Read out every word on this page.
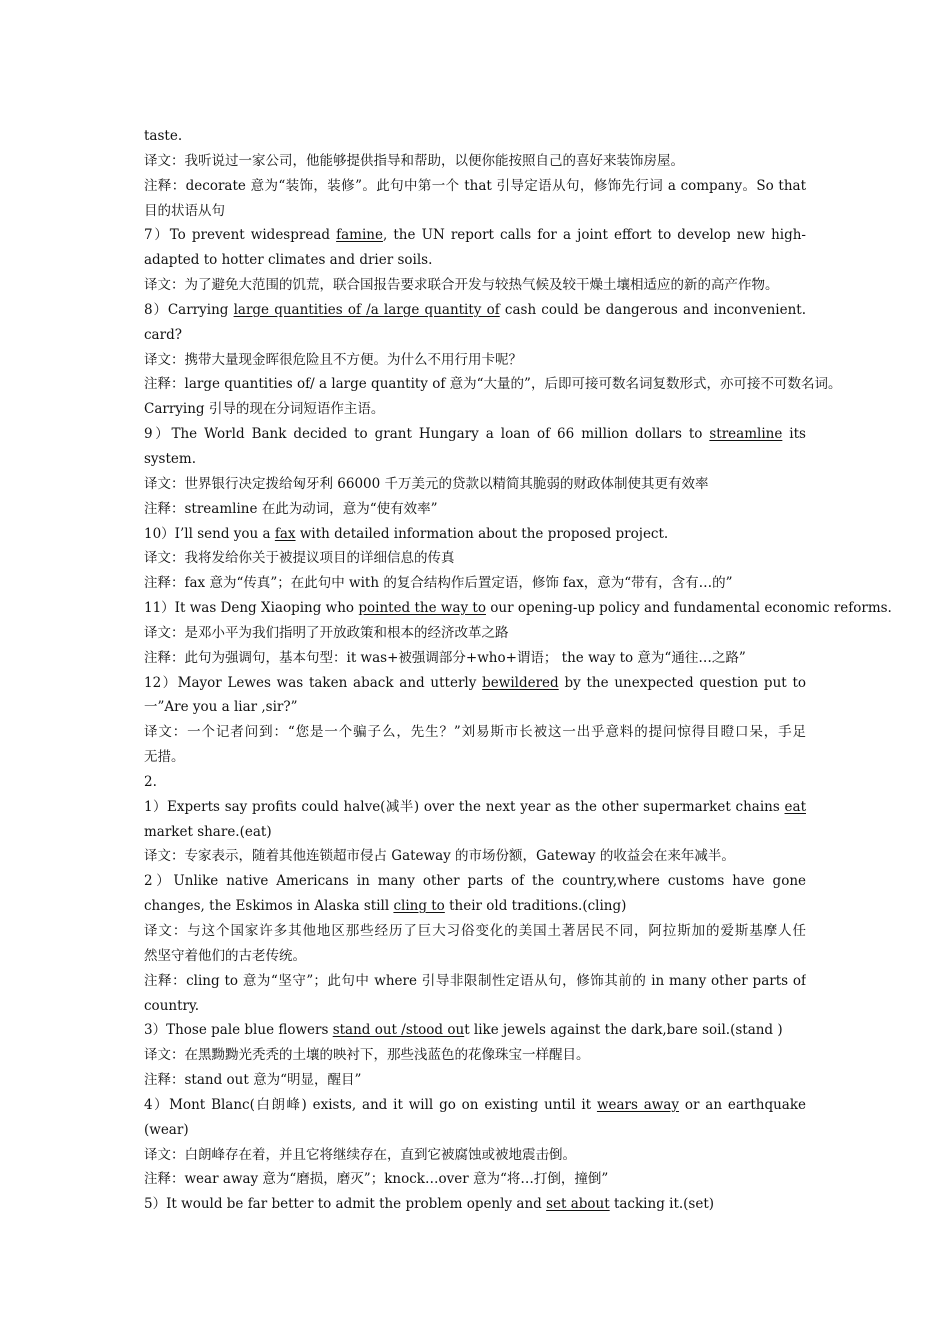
taste.
译文：我听说过一家公司，他能够提供指导和帮助，以便你能按照自己的喜好来装饰房屋。
注释：decorate 意为“装饰，装修”。此句中第一个 that 引导定语从句，修饰先行词 a company。So that
目的状语从句
7）To prevent widespread famine, the UN report calls for a joint effort to develop new high-
adapted to hotter climates and drier soils.
译文：为了避免大范围的饥荒，联合国报告要求联合开发与较热气候及较干燥土壤相适应的新的高产作物。
8）Carrying large quantities of /a large quantity of cash could be dangerous and inconvenient.
card?
译文：携带大量现金晖很危险且不方便。为什么不用行用卡呢？
注释：large quantities of/ a large quantity of 意为“大量的”，后即可接可数名词复数形式，亦可接不可数名词。
Carrying 引导的现在分词短语作主语。
9）The World Bank decided to grant Hungary a loan of 66 million dollars to streamline its
system.
译文：世界银行决定拨给匈牙利 66000 千万美元的贷款以精简其脆弱的财政体制使其更有效率
注释：streamline 在此为动词，意为“使有效率”
10）I’ll send you a fax with detailed information about the proposed project.
译文：我将发给你关于被提议项目的详细信息的传真
注释：fax 意为“传真”；在此句中 with 的复合结构作后置定语，修饰 fax，意为“带有，含有…的”
11）It was Deng Xiaoping who pointed the way to our opening-up policy and fundamental economic reforms.
译文：是邓小平为我们指明了开放政策和根本的经济改革之路
注释：此句为强调句，基本句型：it was+被强调部分+who+谓语； the way to 意为“通往…之路”
12）Mayor Lewes was taken aback and utterly bewildered by the unexpected question put to
一”Are you a liar ,sir?”
译文：一个记者问到：“您是一个骗子么，先生？”刘易斯市长被这一出乎意料的提问惊得目瞪口呆，手足
无措。
2.
1）Experts say profits could halve(减半) over the next year as the other supermarket chains eat
market share.(eat)
译文：专家表示，随着其他连锁超市侵占 Gateway 的市场份额，Gateway 的收益会在来年减半。
2）Unlike native Americans in many other parts of the country,where customs have gone
changes, the Eskimos in Alaska still cling to their old traditions.(cling)
译文：与这个国家许多其他地区那些经历了巨大习俗变化的美国土著居民不同，阿拉斯加的爱斯基摩人任
然坚守着他们的古老传统。
注释：cling to 意为“坚守”；此句中 where 引导非限制性定语从句，修饰其前的 in many other parts of
country.
3）Those pale blue flowers stand out /stood out like jewels against the dark,bare soil.(stand )
译文：在黑黝黝光秃秃的土壤的映衬下，那些浅蓝色的花像珠宝一样醒目。
注释：stand out 意为“明显，醒目”
4）Mont Blanc(白朗峰) exists, and it will go on existing until it wears away or an earthquake
(wear)
译文：白朗峰存在着，并且它将继续存在，直到它被腐蚀或被地震击倒。
注释：wear away 意为“磨损，磨灭”；knock…over 意为“将…打倒，撞倒”
5）It would be far better to admit the problem openly and set about tacking it.(set)
